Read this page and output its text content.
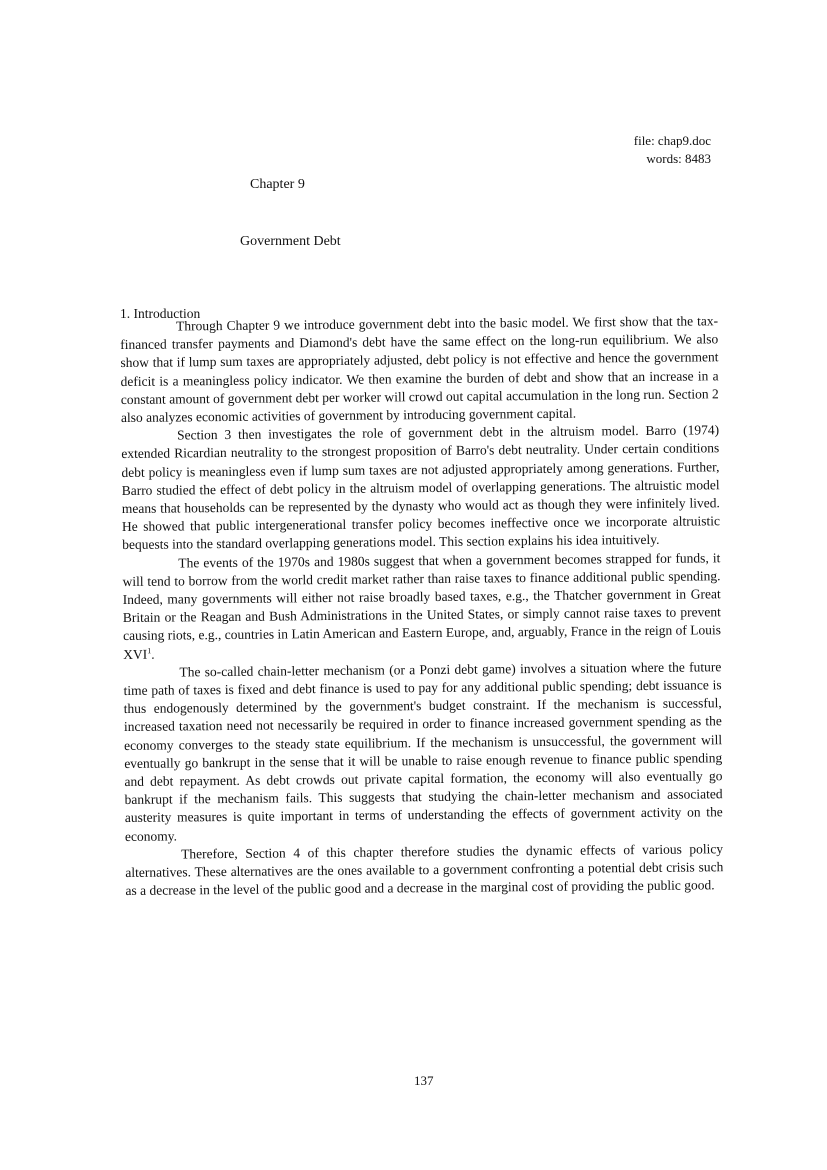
file: chap9.doc
words: 8483
Chapter 9
Government Debt
1. Introduction

Through Chapter 9 we introduce government debt into the basic model. We first show that the tax-financed transfer payments and Diamond's debt have the same effect on the long-run equilibrium. We also show that if lump sum taxes are appropriately adjusted, debt policy is not effective and hence the government deficit is a meaningless policy indicator. We then examine the burden of debt and show that an increase in a constant amount of government debt per worker will crowd out capital accumulation in the long run. Section 2 also analyzes economic activities of government by introducing government capital.

Section 3 then investigates the role of government debt in the altruism model. Barro (1974) extended Ricardian neutrality to the strongest proposition of Barro's debt neutrality. Under certain conditions debt policy is meaningless even if lump sum taxes are not adjusted appropriately among generations. Further, Barro studied the effect of debt policy in the altruism model of overlapping generations. The altruistic model means that households can be represented by the dynasty who would act as though they were infinitely lived. He showed that public intergenerational transfer policy becomes ineffective once we incorporate altruistic bequests into the standard overlapping generations model. This section explains his idea intuitively.

The events of the 1970s and 1980s suggest that when a government becomes strapped for funds, it will tend to borrow from the world credit market rather than raise taxes to finance additional public spending. Indeed, many governments will either not raise broadly based taxes, e.g., the Thatcher government in Great Britain or the Reagan and Bush Administrations in the United States, or simply cannot raise taxes to prevent causing riots, e.g., countries in Latin American and Eastern Europe, and, arguably, France in the reign of Louis XVI$^1$.

The so-called chain-letter mechanism (or a Ponzi debt game) involves a situation where the future time path of taxes is fixed and debt finance is used to pay for any additional public spending; debt issuance is thus endogenously determined by the government's budget constraint. If the mechanism is successful, increased taxation need not necessarily be required in order to finance increased government spending as the economy converges to the steady state equilibrium. If the mechanism is unsuccessful, the government will eventually go bankrupt in the sense that it will be unable to raise enough revenue to finance public spending and debt repayment. As debt crowds out private capital formation, the economy will also eventually go bankrupt if the mechanism fails. This suggests that studying the chain-letter mechanism and associated austerity measures is quite important in terms of understanding the effects of government activity on the economy.

Therefore, Section 4 of this chapter therefore studies the dynamic effects of various policy alternatives. These alternatives are the ones available to a government confronting a potential debt crisis such as a decrease in the level of the public good and a decrease in the marginal cost of providing the public good.

137
